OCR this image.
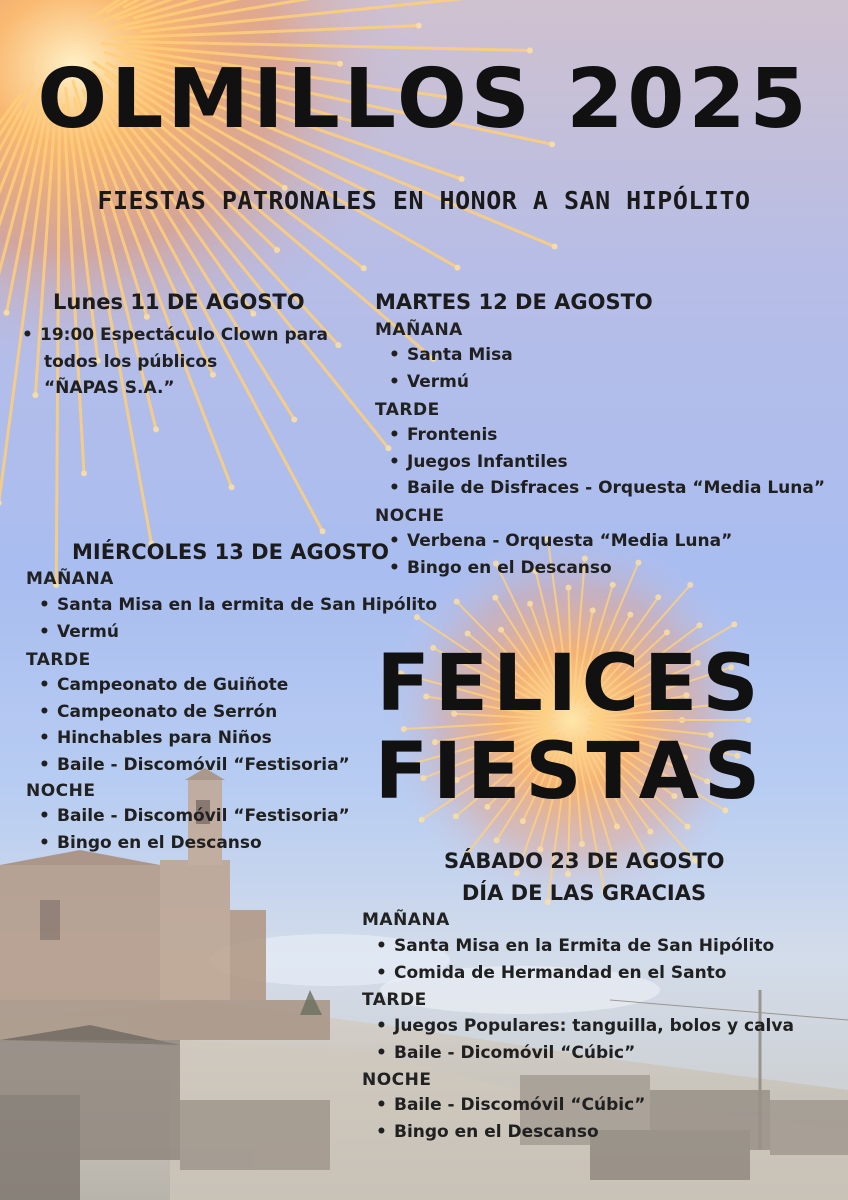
OLMILLOS 2025
FIESTAS PATRONALES EN HONOR A SAN HIPÓLITO
Lunes 11 DE AGOSTO
• 19:00 Espectáculo Clown para
todos los públicos
“ÑAPAS S.A.”
MARTES 12 DE AGOSTO
MAÑANA
• Santa Misa
• Vermú
TARDE
• Frontenis
• Juegos Infantiles
• Baile de Disfraces - Orquesta “Media Luna”
NOCHE
• Verbena - Orquesta “Media Luna”
• Bingo en el Descanso
MIÉRCOLES 13 DE AGOSTO
MAÑANA
• Santa Misa en la ermita de San Hipólito
• Vermú
TARDE
• Campeonato de Guiñote
• Campeonato de Serrón
• Hinchables para Niños
• Baile - Discomóvil “Festisoria”
NOCHE
• Baile - Discomóvil “Festisoria”
• Bingo en el Descanso
FELICES
FIESTAS
SÁBADO 23 DE AGOSTO
DÍA DE LAS GRACIAS
MAÑANA
• Santa Misa en la Ermita de San Hipólito
• Comida de Hermandad en el Santo
TARDE
• Juegos Populares: tanguilla, bolos y calva
• Baile - Dicomóvil “Cúbic”
NOCHE
• Baile - Discomóvil “Cúbic”
• Bingo en el Descanso
